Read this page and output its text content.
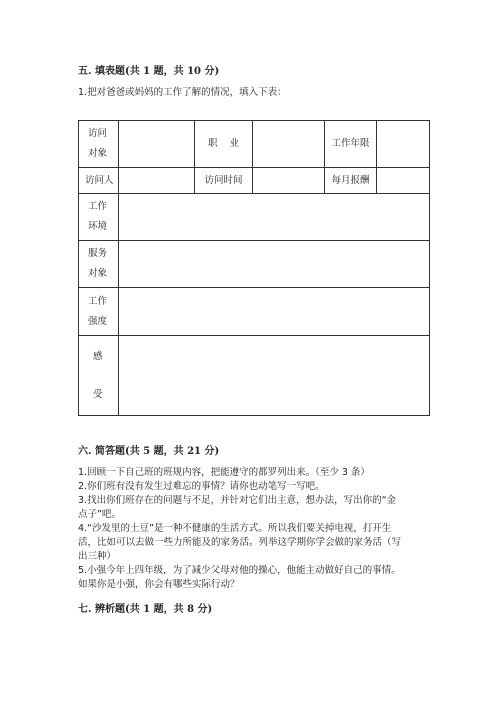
五. 填表题(共 1 题，共 10 分)
1.把对爸爸或妈妈的工作了解的情况，填入下表：
访问
对象		职    业		工作年限	
访问人		访问时间		每月报酬	

工作
环境					

服务
对象					

工作
强度					

感
受					

六. 简答题(共 5 题，共 21 分)
1.回顾一下自己班的班规内容，把能遵守的都罗列出来。（至少 3 条）
2.你们班有没有发生过难忘的事情？请你也动笔写一写吧。
3.找出你们班存在的问题与不足，并针对它们出主意，想办法，写出你的“金
点子”吧。
4.“沙发里的土豆”是一种不健康的生活方式。所以我们要关掉电视，打开生
活，比如可以去做一些力所能及的家务活。列举这学期你学会做的家务活（写
出三种）
5.小强今年上四年级，为了减少父母对他的操心，他能主动做好自己的事情。
如果你是小强，你会有哪些实际行动？
七. 辨析题(共 1 题，共 8 分)
